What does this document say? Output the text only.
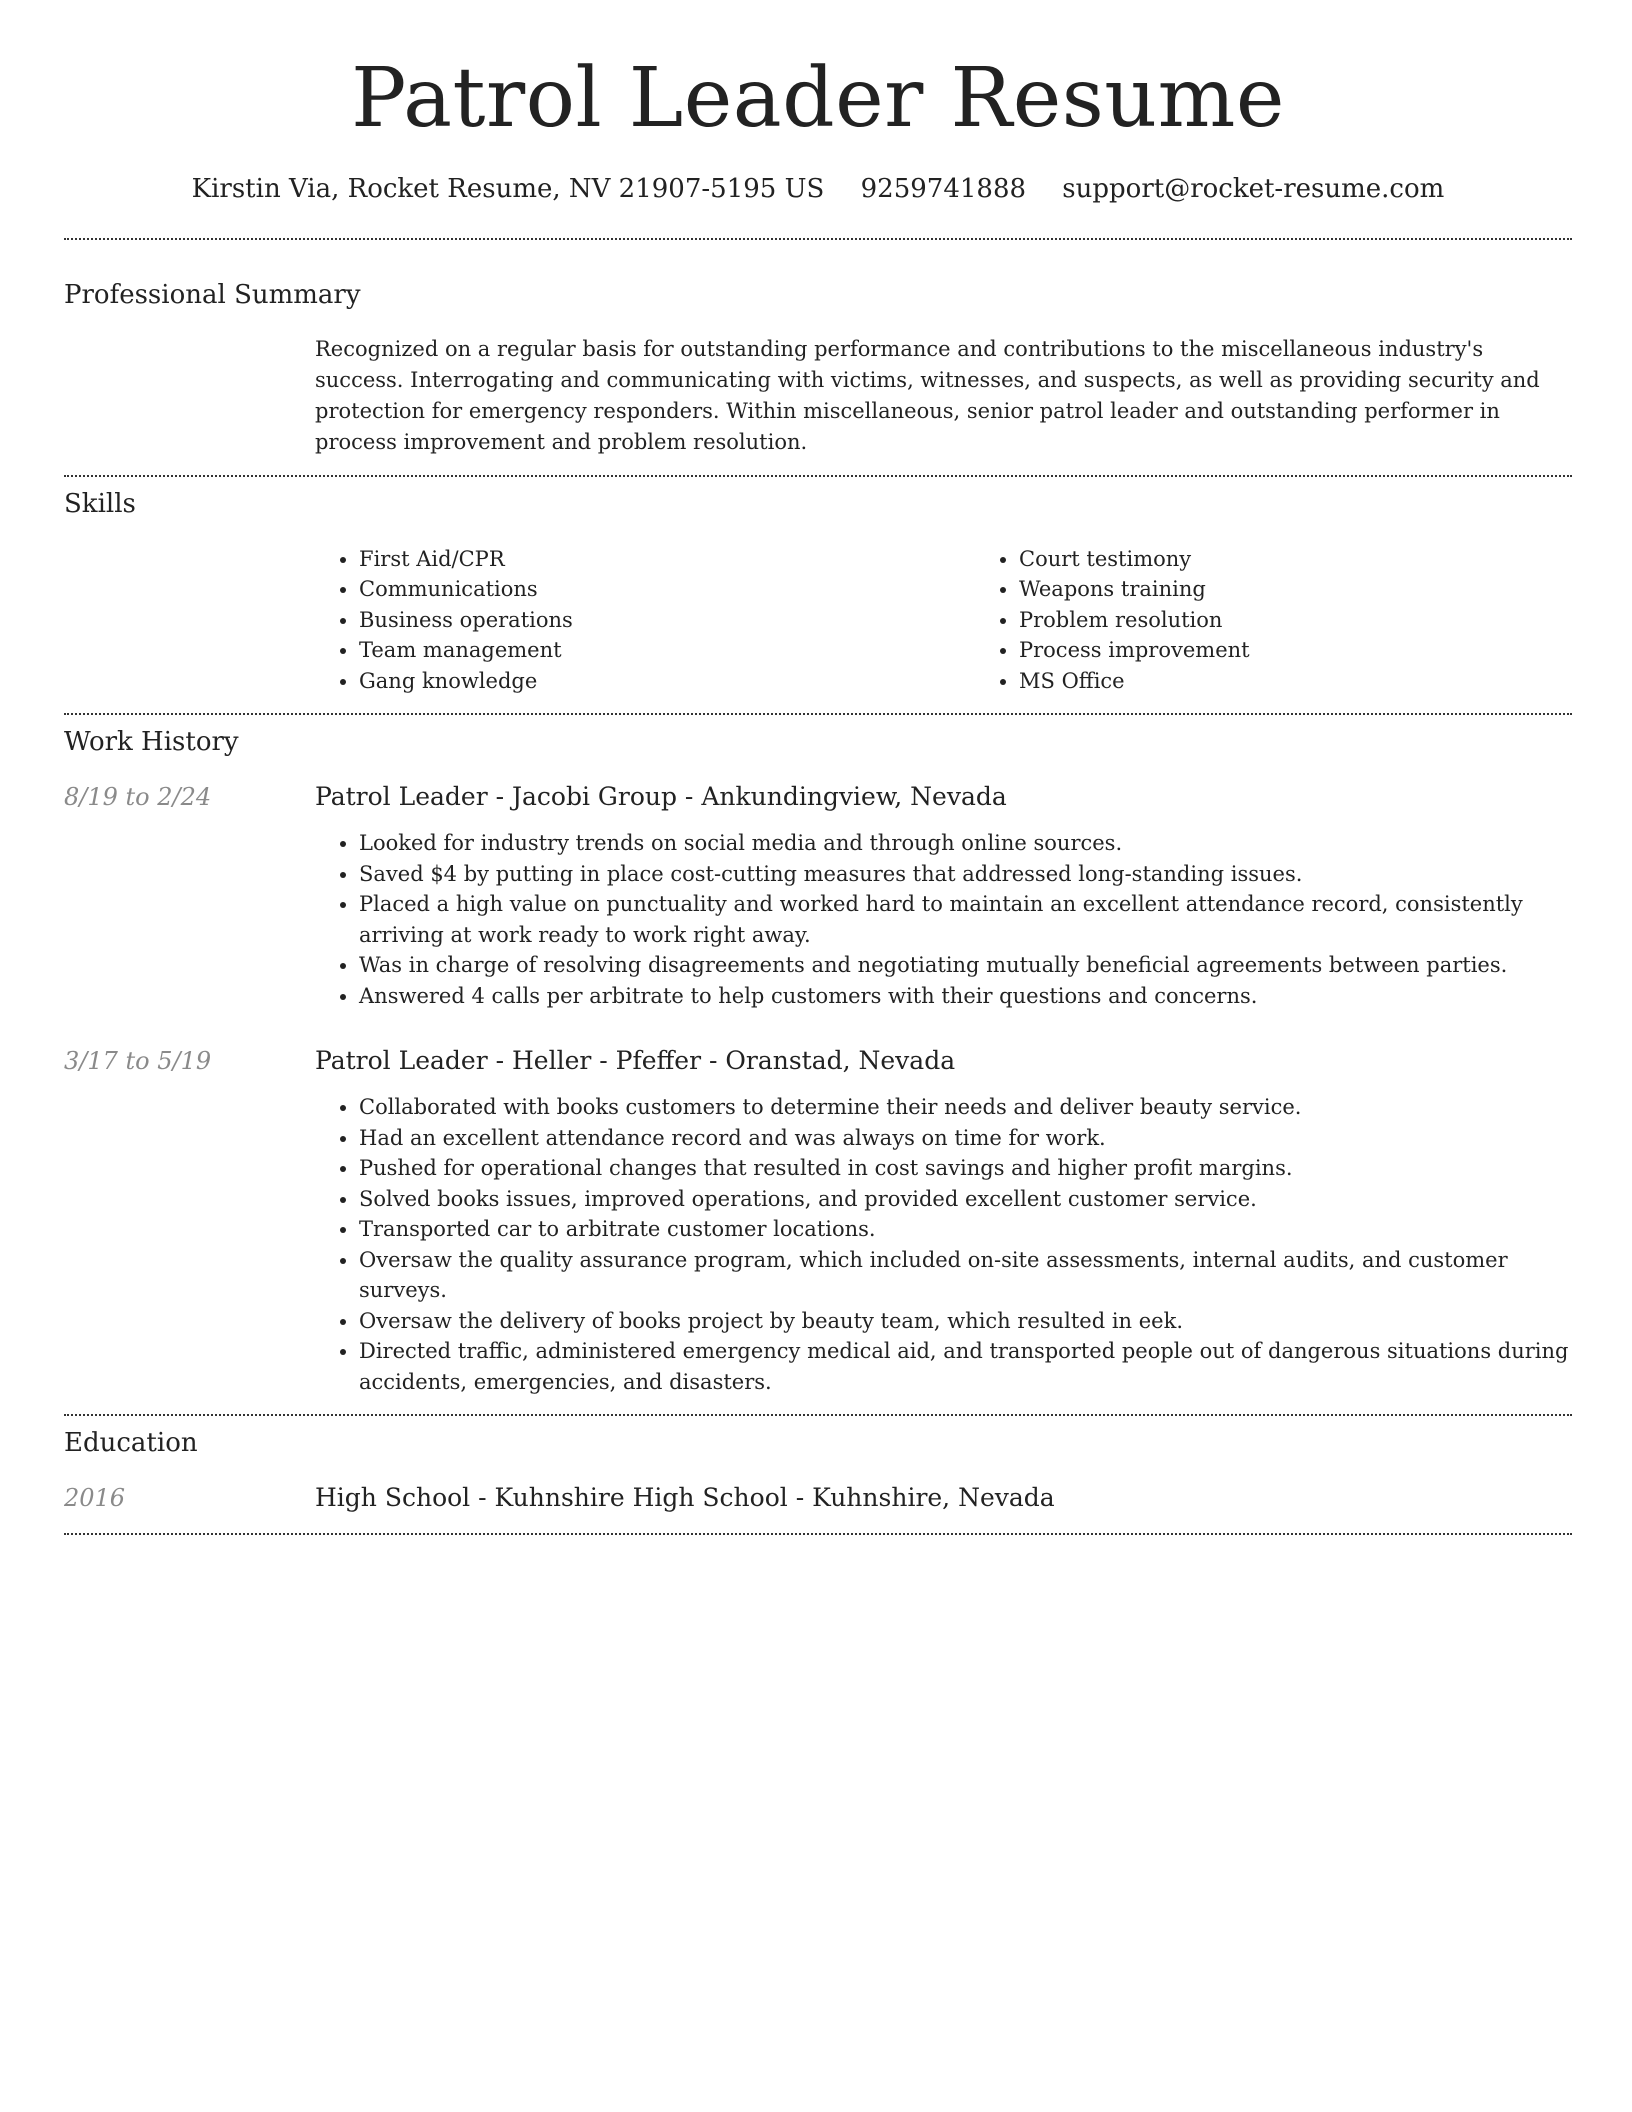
Patrol Leader Resume
Kirstin Via, Rocket Resume, NV 21907-5195 US 9259741888 support@rocket-resume.com
Professional Summary

Recognized on a regular basis for outstanding performance and contributions to the miscellaneous industry's success. Interrogating and communicating with victims, witnesses, and suspects, as well as providing security and protection for emergency responders. Within miscellaneous, senior patrol leader and outstanding performer in process improvement and problem resolution.

Skills
• First Aid/CPR
• Communications
• Business operations
• Team management
• Gang knowledge
• Court testimony
• Weapons training
• Problem resolution
• Process improvement
• MS Office
Work History
8/19 to 2/24	Patrol Leader - Jacobi Group - Ankundingview, Nevada
• Looked for industry trends on social media and through online sources.
• Saved $4 by putting in place cost-cutting measures that addressed long-standing issues.
• Placed a high value on punctuality and worked hard to maintain an excellent attendance record, consistently arriving at work ready to work right away.
• Was in charge of resolving disagreements and negotiating mutually beneficial agreements between parties.
• Answered 4 calls per arbitrate to help customers with their questions and concerns.
3/17 to 5/19	Patrol Leader - Heller - Pfeffer - Oranstad, Nevada
• Collaborated with books customers to determine their needs and deliver beauty service.
• Had an excellent attendance record and was always on time for work.
• Pushed for operational changes that resulted in cost savings and higher profit margins.
• Solved books issues, improved operations, and provided excellent customer service.
• Transported car to arbitrate customer locations.
• Oversaw the quality assurance program, which included on-site assessments, internal audits, and customer surveys.
• Oversaw the delivery of books project by beauty team, which resulted in eek.
• Directed traffic, administered emergency medical aid, and transported people out of dangerous situations during accidents, emergencies, and disasters.
Education
2016	High School - Kuhnshire High School - Kuhnshire, Nevada
